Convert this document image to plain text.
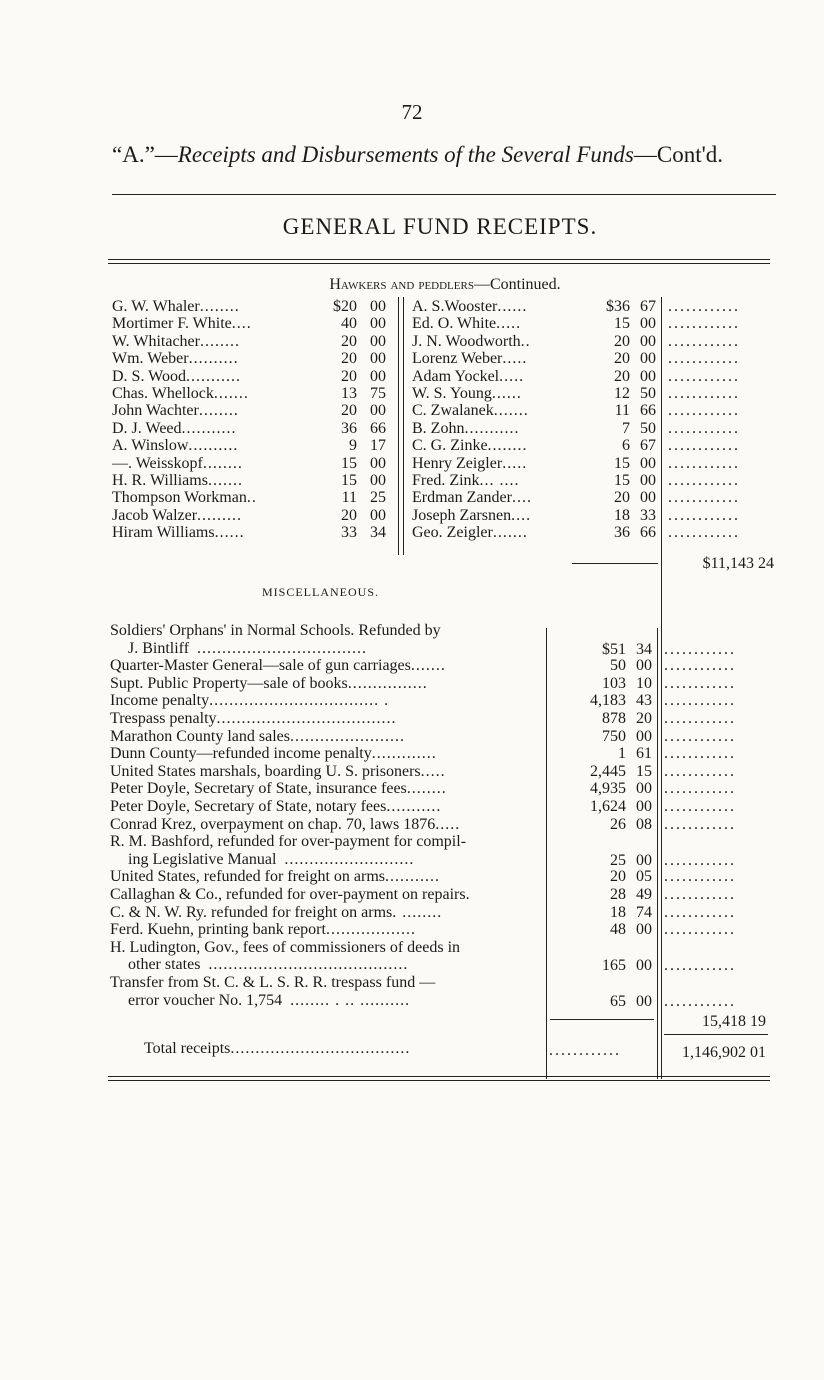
72
“A.”—Receipts and Disbursements of the Several Funds—Cont'd.
GENERAL FUND RECEIPTS.
Hawkers and peddlers—Continued.
G. W. Whaler........	$20 00
Mortimer F. White....	40 00
W. Whitacher........	20 00
Wm. Weber..........	20 00
D. S. Wood...........	20 00
Chas. Whellock.......	13 75
John Wachter........	20 00
D. J. Weed...........	36 66
A. Winslow..........	9 17
—. Weisskopf........	15 00
H. R. Williams.......	15 00
Thompson Workman..	11 25
Jacob Walzer.........	20 00
Hiram Williams......	33 34
A. S.Wooster......	$36 67 ............
Ed. O. White.....	15 00 ............
J. N. Woodworth..	20 00 ............
Lorenz Weber.....	20 00 ............
Adam Yockel.....	20 00 ............
W. S. Young......	12 50 ............
C. Zwalanek.......	11 66 ............
B. Zohn...........	7 50 ............
C. G. Zinke........	6 67 ............
Henry Zeigler.....	15 00 ............
Fred. Zink... ....	15 00 ............
Erdman Zander....	20 00 ............
Joseph Zarsnen....	18 33 ............
Geo. Zeigler.......	36 66 ............
$11,143 24
MISCELLANEOUS.
Soldiers' Orphans' in Normal Schools. Refunded by
J. Bintliff ..................................	$51 34 ............
Quarter-Master General—sale of gun carriages.......	50 00 ............
Supt. Public Property—sale of books................	103 10 ............
Income penalty.................................. .	4,183 43 ............
Trespass penalty....................................	878 20 ............
Marathon County land sales.......................	750 00 ............
Dunn County—refunded income penalty.............	1 61 ............
United States marshals, boarding U. S. prisoners.....	2,445 15 ............
Peter Doyle, Secretary of State, insurance fees........	4,935 00 ............
Peter Doyle, Secretary of State, notary fees...........	1,624 00 ............
Conrad Krez, overpayment on chap. 70, laws 1876.....	26 08 ............
R. M. Bashford, refunded for over-payment for compil-
ing Legislative Manual ..........................	25 00 ............
United States, refunded for freight on arms...........	20 05 ............
Callaghan & Co., refunded for over-payment on repairs.	28 49 ............
C. & N. W. Ry. refunded for freight on arms. ........	18 74 ............
Ferd. Kuehn, printing bank report..................	48 00 ............
H. Ludington, Gov., fees of commissioners of deeds in
other states ........................................	165 00 ............
Transfer from St. C. & L. S. R. R. trespass fund —
error voucher No. 1,754 ........ . .. ..........	65 00 ............
15,418 19
Total receipts....................................	............	1,146,902 01
